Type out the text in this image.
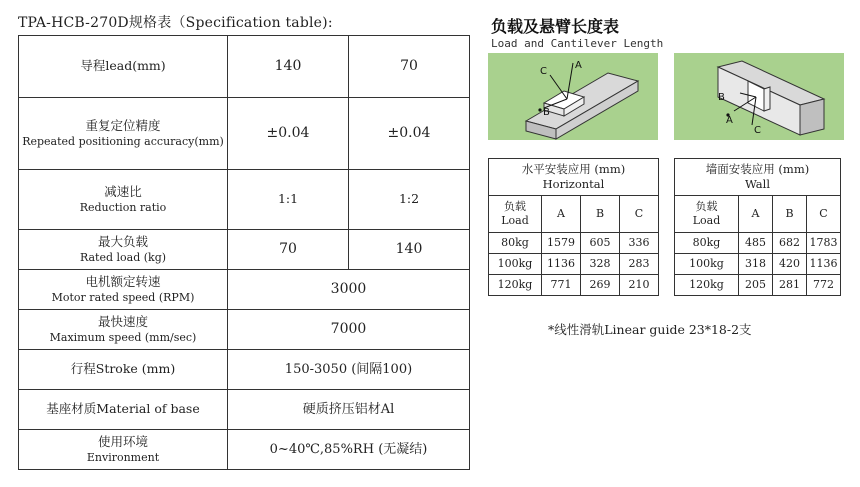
TPA-HCB-270D规格表（Specification table):
导程lead(mm)	140	70

重复定位精度
Repeated positioning accuracy(mm)	±0.04	±0.04

减速比
Reduction ratio	1:1	1:2

最大负载
Rated load (kg)	70	140

电机额定转速
Motor rated speed (RPM)	3000	

最快速度
Maximum speed (mm/sec)	7000	
行程Stroke (mm)	150-3050 (间隔100)	
基座材质Material of base	硬质挤压铝材Al	

使用环境
Environment	0~40℃,85%RH (无凝结)	
负载及悬臂长度表
Load and Cantilever Length
A
C
B
B
A
C
水平安装应用 (mm)
Horizontal			

负载
Load	A	B	C
80kg	1579	605	336
100kg	1136	328	283
120kg	771	269	210
墙面安装应用 (mm)
Wall			

负载
Load	A	B	C
80kg	485	682	1783
100kg	318	420	1136
120kg	205	281	772
*线性滑轨Linear guide 23*18-2支
